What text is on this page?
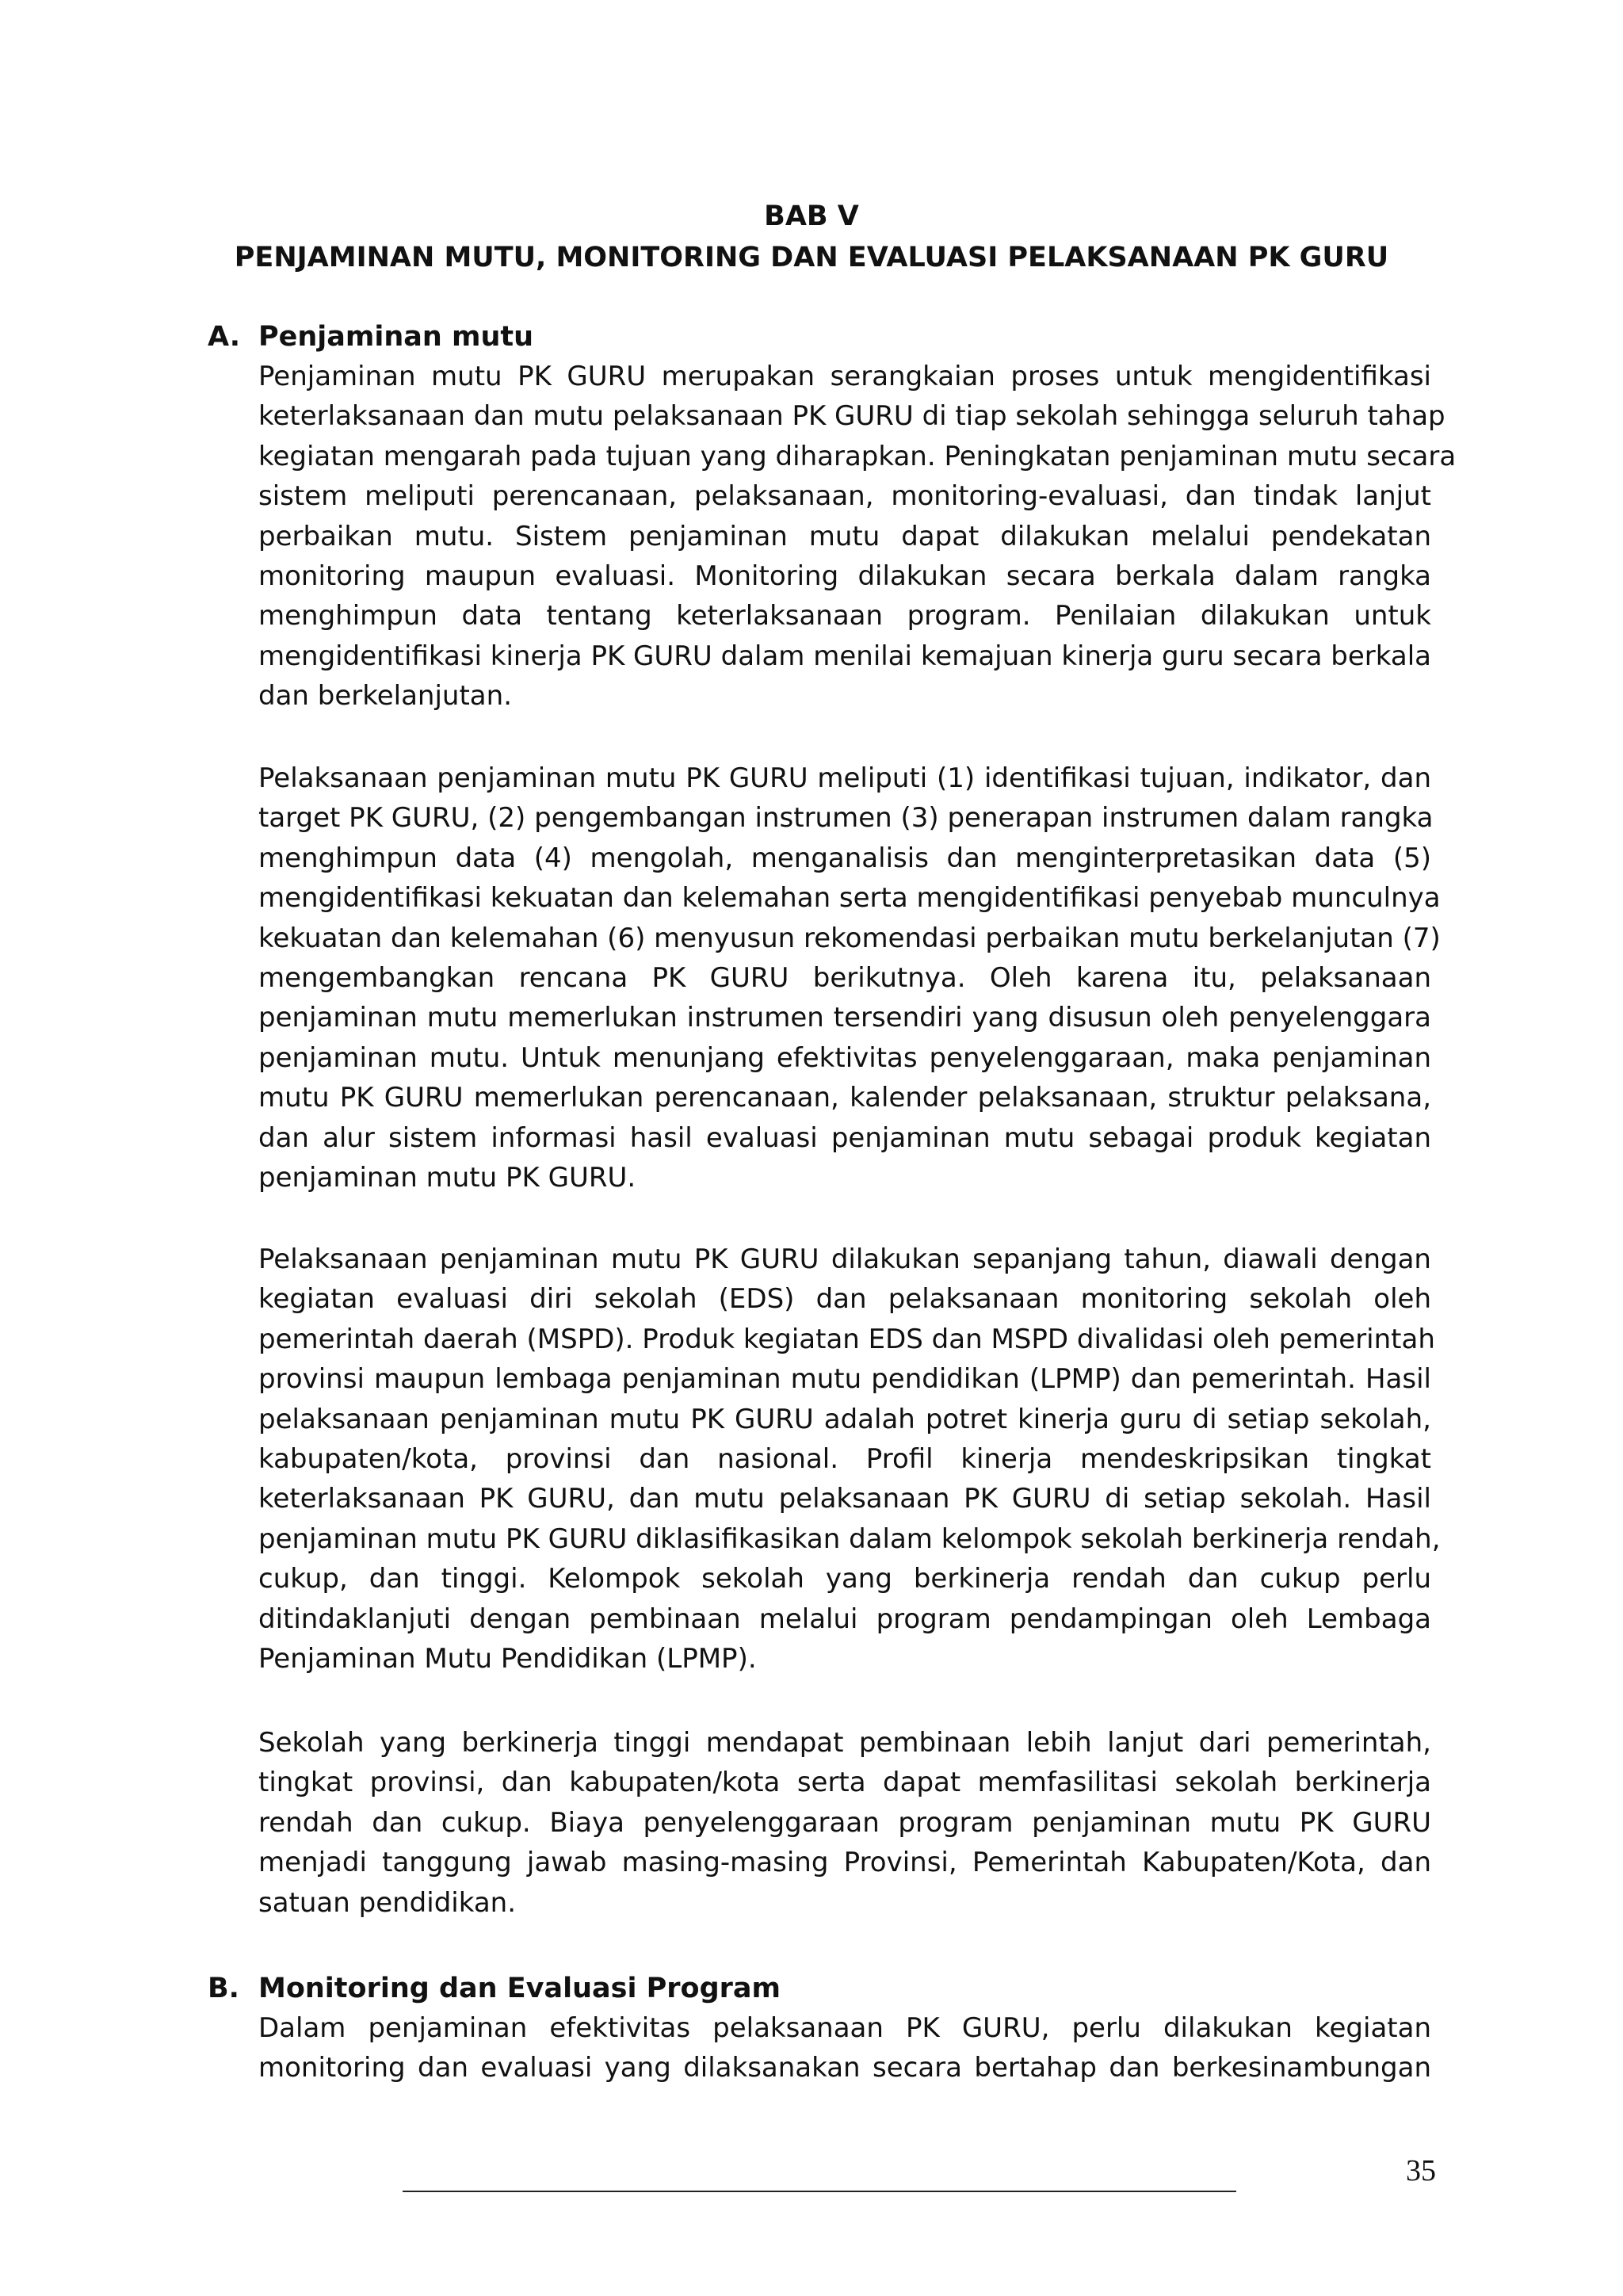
BAB V
PENJAMINAN MUTU, MONITORING DAN EVALUASI PELAKSANAAN PK GURU
A. Penjaminan mutu
Penjaminan mutu PK GURU merupakan serangkaian proses untuk mengidentifikasi
keterlaksanaan dan mutu pelaksanaan PK GURU di tiap sekolah sehingga seluruh tahap
kegiatan mengarah pada tujuan yang diharapkan. Peningkatan penjaminan mutu secara
sistem meliputi perencanaan, pelaksanaan, monitoring-evaluasi, dan tindak lanjut
perbaikan mutu. Sistem penjaminan mutu dapat dilakukan melalui pendekatan
monitoring maupun evaluasi. Monitoring dilakukan secara berkala dalam rangka
menghimpun data tentang keterlaksanaan program. Penilaian dilakukan untuk
mengidentifikasi kinerja PK GURU dalam menilai kemajuan kinerja guru secara berkala
dan berkelanjutan.
Pelaksanaan penjaminan mutu PK GURU meliputi (1) identifikasi tujuan, indikator, dan
target PK GURU, (2) pengembangan instrumen (3) penerapan instrumen dalam rangka
menghimpun data (4) mengolah, menganalisis dan menginterpretasikan data (5)
mengidentifikasi kekuatan dan kelemahan serta mengidentifikasi penyebab munculnya
kekuatan dan kelemahan (6) menyusun rekomendasi perbaikan mutu berkelanjutan (7)
mengembangkan rencana PK GURU berikutnya. Oleh karena itu, pelaksanaan
penjaminan mutu memerlukan instrumen tersendiri yang disusun oleh penyelenggara
penjaminan mutu. Untuk menunjang efektivitas penyelenggaraan, maka penjaminan
mutu PK GURU memerlukan perencanaan, kalender pelaksanaan, struktur pelaksana,
dan alur sistem informasi hasil evaluasi penjaminan mutu sebagai produk kegiatan
penjaminan mutu PK GURU.
Pelaksanaan penjaminan mutu PK GURU dilakukan sepanjang tahun, diawali dengan
kegiatan evaluasi diri sekolah (EDS) dan pelaksanaan monitoring sekolah oleh
pemerintah daerah (MSPD). Produk kegiatan EDS dan MSPD divalidasi oleh pemerintah
provinsi maupun lembaga penjaminan mutu pendidikan (LPMP) dan pemerintah. Hasil
pelaksanaan penjaminan mutu PK GURU adalah potret kinerja guru di setiap sekolah,
kabupaten/kota, provinsi dan nasional. Profil kinerja mendeskripsikan tingkat
keterlaksanaan PK GURU, dan mutu pelaksanaan PK GURU di setiap sekolah. Hasil
penjaminan mutu PK GURU diklasifikasikan dalam kelompok sekolah berkinerja rendah,
cukup, dan tinggi. Kelompok sekolah yang berkinerja rendah dan cukup perlu
ditindaklanjuti dengan pembinaan melalui program pendampingan oleh Lembaga
Penjaminan Mutu Pendidikan (LPMP).
Sekolah yang berkinerja tinggi mendapat pembinaan lebih lanjut dari pemerintah,
tingkat provinsi, dan kabupaten/kota serta dapat memfasilitasi sekolah berkinerja
rendah dan cukup. Biaya penyelenggaraan program penjaminan mutu PK GURU
menjadi tanggung jawab masing-masing Provinsi, Pemerintah Kabupaten/Kota, dan
satuan pendidikan.
B. Monitoring dan Evaluasi Program
Dalam penjaminan efektivitas pelaksanaan PK GURU, perlu dilakukan kegiatan
monitoring dan evaluasi yang dilaksanakan secara bertahap dan berkesinambungan
35
